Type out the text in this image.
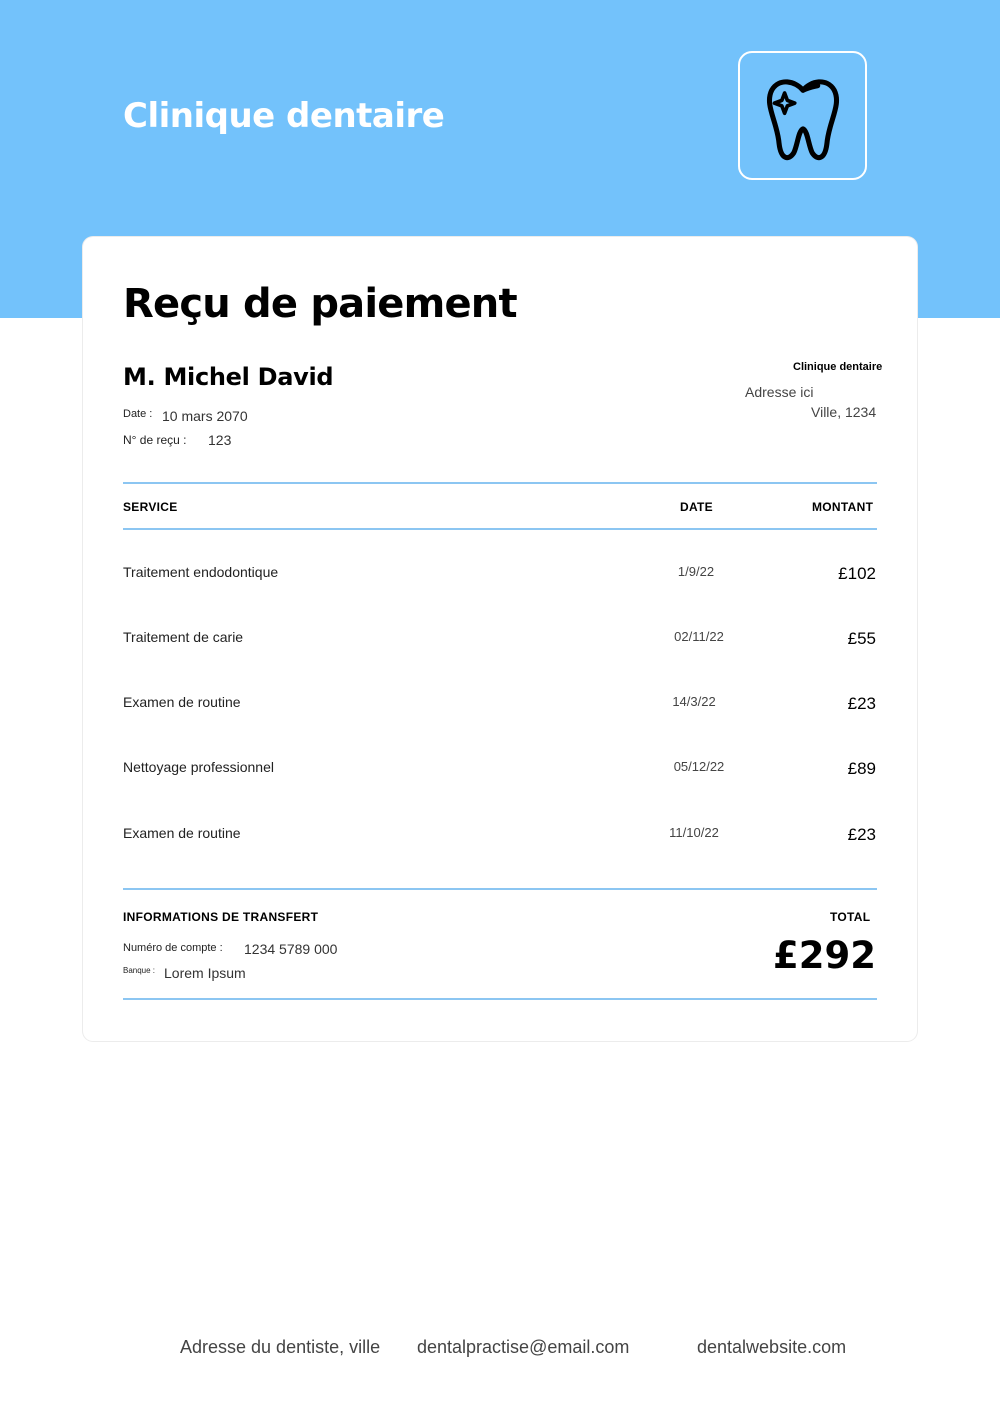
Clinique dentaire
Reçu de paiement
M. Michel David
Date : 10 mars 2070
N° de reçu : 123
Clinique dentaire
Adresse ici
Ville, 1234
SERVICE	DATE	MONTANT
Traitement endodontique	1/9/22	£102
Traitement de carie	02/11/22	£55
Examen de routine	14/3/22	£23
Nettoyage professionnel	05/12/22	£89
Examen de routine	11/10/22	£23
INFORMATIONS DE TRANSFERT
Numéro de compte : 1234 5789 000
Banque : Lorem Ipsum
TOTAL
£292
Adresse du dentiste, ville dentalpractise@email.com	dentalwebsite.com
